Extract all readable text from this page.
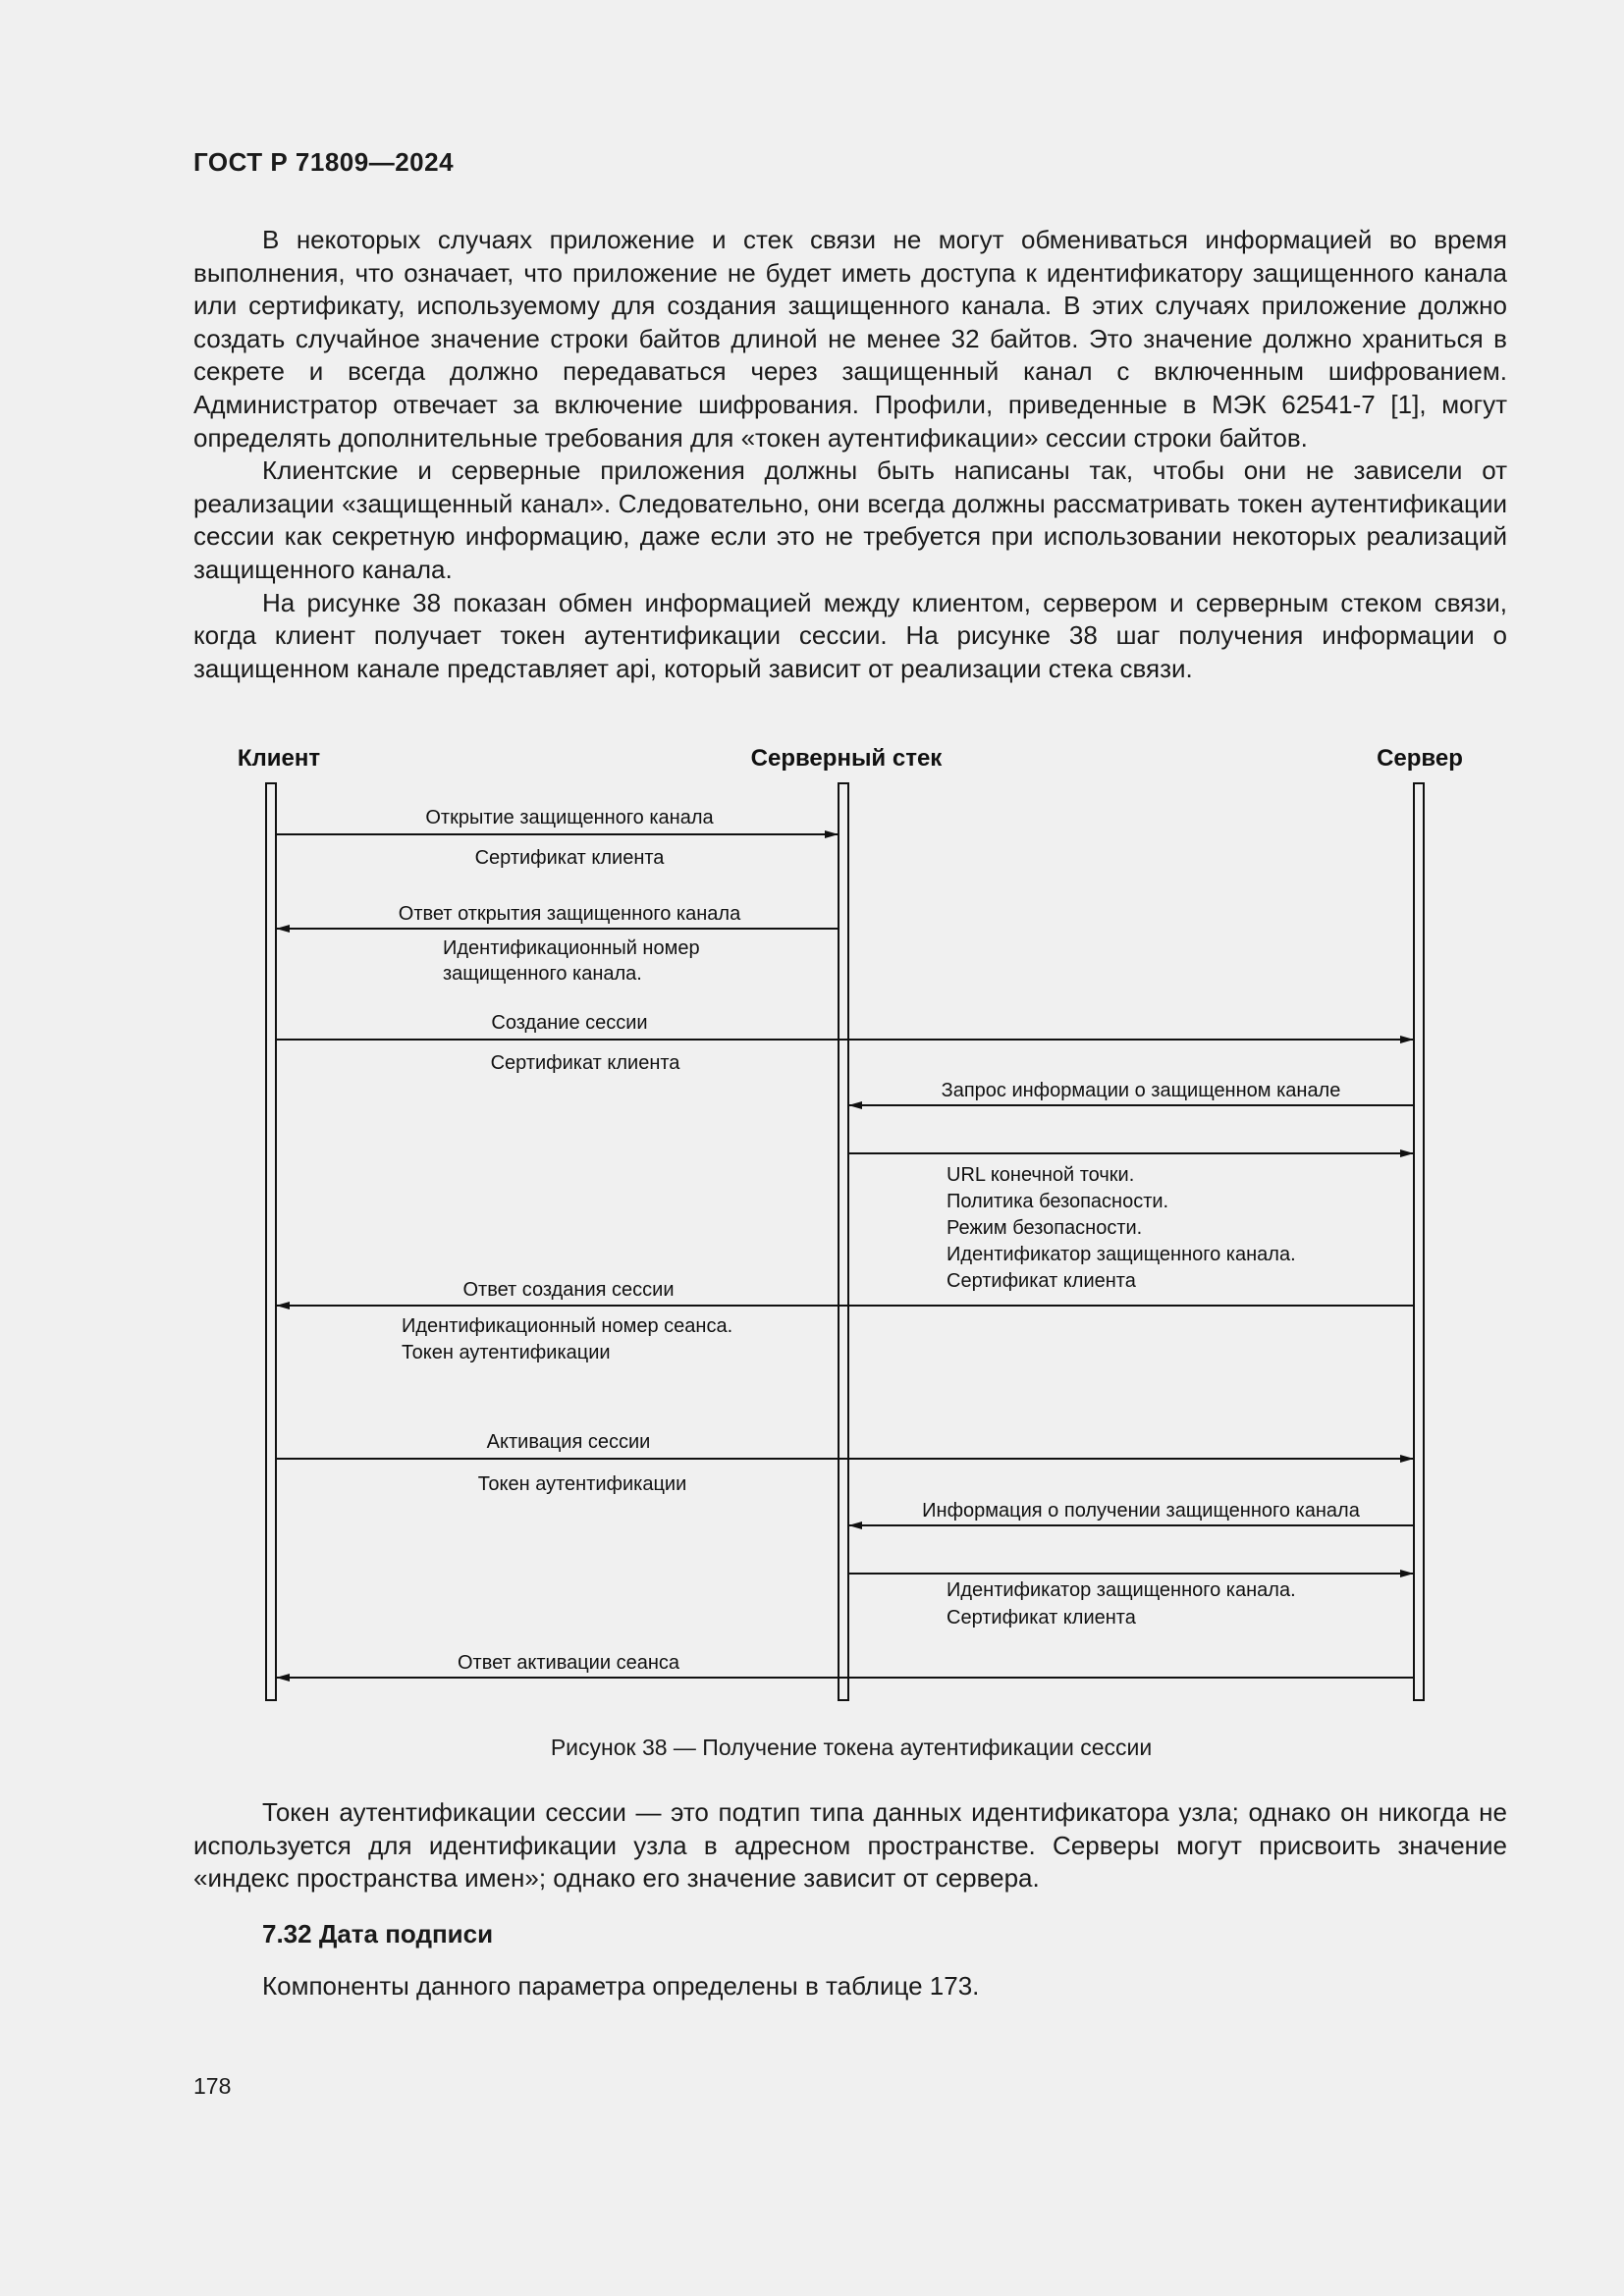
ГОСТ Р 71809—2024

В некоторых случаях приложение и стек связи не могут обмениваться информацией во время выполнения, что означает, что приложение не будет иметь доступа к идентификатору защищенного канала или сертификату, используемому для создания защищенного канала. В этих случаях приложение должно создать случайное значение строки байтов длиной не менее 32 байтов. Это значение должно храниться в секрете и всегда должно передаваться через защищенный канал с включенным шифрованием. Администратор отвечает за включение шифрования. Профили, приведенные в МЭК 62541-7 [1], могут определять дополнительные требования для «токен аутентификации» сессии строки байтов.

Клиентские и серверные приложения должны быть написаны так, чтобы они не зависели от реализации «защищенный канал». Следовательно, они всегда должны рассматривать токен аутентификации сессии как секретную информацию, даже если это не требуется при использовании некоторых реализаций защищенного канала.

На рисунке 38 показан обмен информацией между клиентом, сервером и серверным стеком связи, когда клиент получает токен аутентификации сессии. На рисунке 38 шаг получения информации о защищенном канале представляет api, который зависит от реализации стека связи.

Клиент	Серверный стек	Сервер
Открытие защищенного канала
Сертификат клиента
Ответ открытия защищенного канала
Идентификационный номер
защищенного канала.
Создание сессии
Сертификат клиента
Запрос информации о защищенном канале
URL конечной точки.
Политика безопасности.
Режим безопасности.
Идентификатор защищенного канала.
Сертификат клиента
Ответ создания сессии
Идентификационный номер сеанса.
Токен аутентификации
Активация сессии
Токен аутентификации
Информация о получении защищенного канала
Идентификатор защищенного канала.
Сертификат клиента
Ответ активации сеанса
Рисунок 38 — Получение токена аутентификации сессии

Токен аутентификации сессии — это подтип типа данных идентификатора узла; однако он никогда не используется для идентификации узла в адресном пространстве. Серверы могут присвоить значение «индекс пространства имен»; однако его значение зависит от сервера.

7.32 Дата подписи
Компоненты данного параметра определены в таблице 173.
178
